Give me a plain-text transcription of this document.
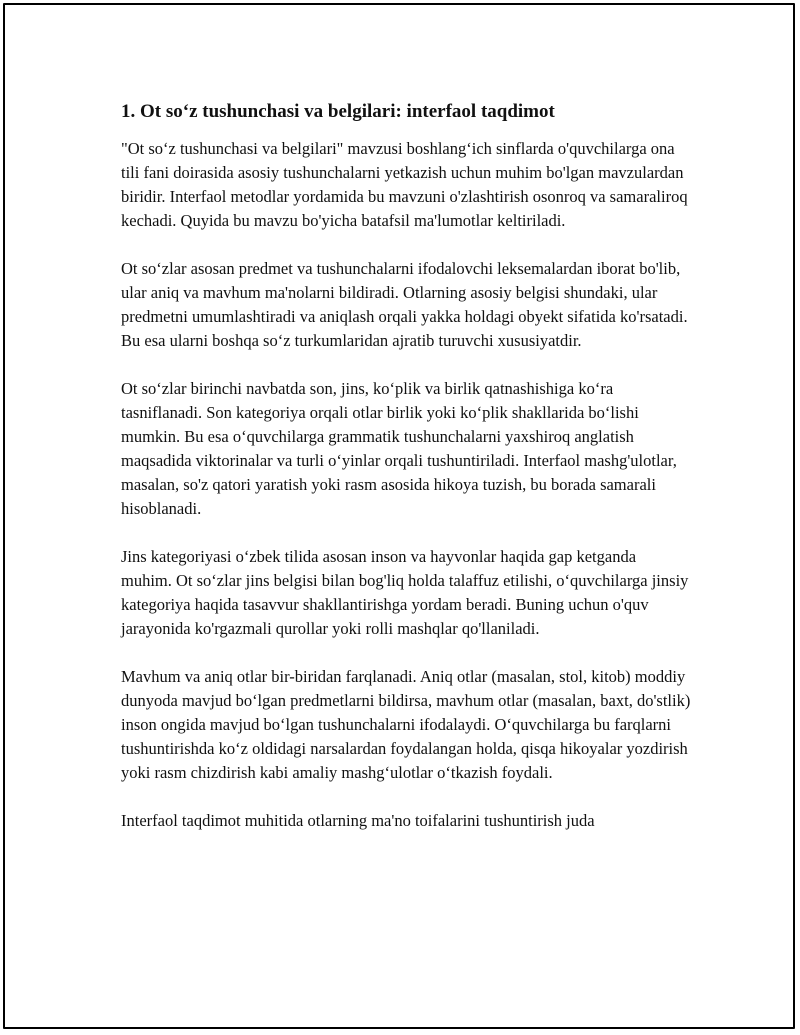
1. Ot so‘z tushunchasi va belgilari: interfaol taqdimot

"Ot so‘z tushunchasi va belgilari" mavzusi boshlang‘ich sinflarda o'quvchilarga ona tili fani doirasida asosiy tushunchalarni yetkazish uchun muhim bo'lgan mavzulardan biridir. Interfaol metodlar yordamida bu mavzuni o'zlashtirish osonroq va samaraliroq kechadi. Quyida bu mavzu bo'yicha batafsil ma'lumotlar keltiriladi.

Ot so‘zlar asosan predmet va tushunchalarni ifodalovchi leksemalardan iborat bo'lib, ular aniq va mavhum ma'nolarni bildiradi. Otlarning asosiy belgisi shundaki, ular predmetni umumlashtiradi va aniqlash orqali yakka holdagi obyekt sifatida ko'rsatadi. Bu esa ularni boshqa so‘z turkumlaridan ajratib turuvchi xususiyatdir.

Ot so‘zlar birinchi navbatda son, jins, ko‘plik va birlik qatnashishiga ko‘ra tasniflanadi. Son kategoriya orqali otlar birlik yoki ko‘plik shakllarida bo‘lishi mumkin. Bu esa o‘quvchilarga grammatik tushunchalarni yaxshiroq anglatish maqsadida viktorinalar va turli o‘yinlar orqali tushuntiriladi. Interfaol mashg'ulotlar, masalan, so'z qatori yaratish yoki rasm asosida hikoya tuzish, bu borada samarali hisoblanadi.

Jins kategoriyasi o‘zbek tilida asosan inson va hayvonlar haqida gap ketganda muhim. Ot so‘zlar jins belgisi bilan bog'liq holda talaffuz etilishi, o‘quvchilarga jinsiy kategoriya haqida tasavvur shakllantirishga yordam beradi. Buning uchun o'quv jarayonida ko'rgazmali qurollar yoki rolli mashqlar qo'llaniladi.

Mavhum va aniq otlar bir-biridan farqlanadi. Aniq otlar (masalan, stol, kitob) moddiy dunyoda mavjud bo‘lgan predmetlarni bildirsa, mavhum otlar (masalan, baxt, do'stlik) inson ongida mavjud bo‘lgan tushunchalarni ifodalaydi. O‘quvchilarga bu farqlarni tushuntirishda ko‘z oldidagi narsalardan foydalangan holda, qisqa hikoyalar yozdirish yoki rasm chizdirish kabi amaliy mashg‘ulotlar o‘tkazish foydali.

Interfaol taqdimot muhitida otlarning ma'no toifalarini tushuntirish juda
